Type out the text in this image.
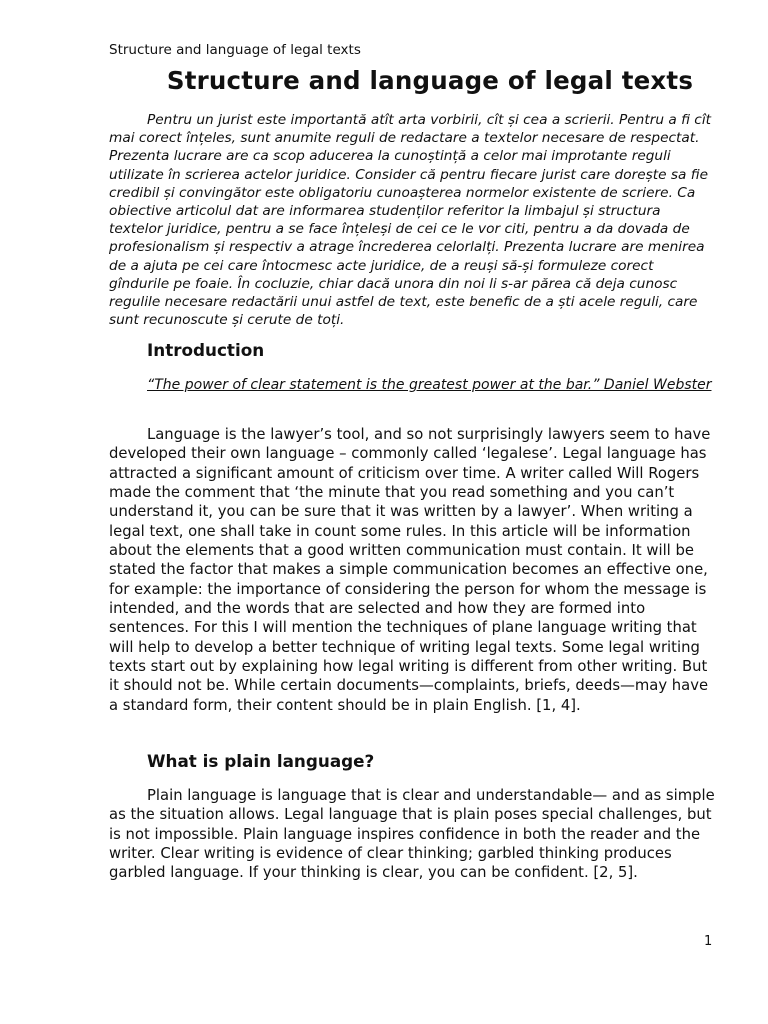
Structure and language of legal texts
Structure and language of legal texts

Pentru un jurist este importantă atît arta vorbirii, cît și cea a scrierii. Pentru a fi cît mai corect înțeles, sunt anumite reguli de redactare a textelor necesare de respectat. Prezenta lucrare are ca scop aducerea la cunoștință a celor mai improtante reguli utilizate în scrierea actelor juridice. Consider că pentru fiecare jurist care dorește sa fie credibil și convingător este obligatoriu cunoașterea normelor existente de scriere. Ca obiective articolul dat are informarea studenților referitor la limbajul și structura textelor juridice, pentru a se face înțeleși de cei ce le vor citi, pentru a da dovada de profesionalism și respectiv a atrage încrederea celorlalți. Prezenta lucrare are menirea de a ajuta pe cei care întocmesc acte juridice, de a reuși să-și formuleze corect gîndurile pe foaie. În cocluzie, chiar dacă unora din noi li s-ar părea că deja cunosc regulile necesare redactării unui astfel de text, este benefic de a ști acele reguli, care sunt recunoscute și cerute de toți.

Introduction

“The power of clear statement is the greatest power at the bar.” Daniel Webster

Language is the lawyer’s tool, and so not surprisingly lawyers seem to have developed their own language – commonly called ‘legalese’. Legal language has attracted a significant amount of criticism over time. A writer called Will Rogers made the comment that ‘the minute that you read something and you can’t understand it, you can be sure that it was written by a lawyer’. When writing a legal text, one shall take in count some rules. In this article will be information about the elements that a good written communication must contain. It will be stated the factor that makes a simple communication becomes an effective one, for example: the importance of considering the person for whom the message is intended, and the words that are selected and how they are formed into sentences. For this I will mention the techniques of plane language writing that will help to develop a better technique of writing legal texts. Some legal writing texts start out by explaining how legal writing is different from other writing. But it should not be. While certain documents—complaints, briefs, deeds—may have a standard form, their content should be in plain English. [1, 4].

What is plain language?

Plain language is language that is clear and understandable— and as simple as the situation allows. Legal language that is plain poses special challenges, but is not impossible. Plain language inspires confidence in both the reader and the writer. Clear writing is evidence of clear thinking; garbled thinking produces garbled language. If your thinking is clear, you can be confident. [2, 5].

1
